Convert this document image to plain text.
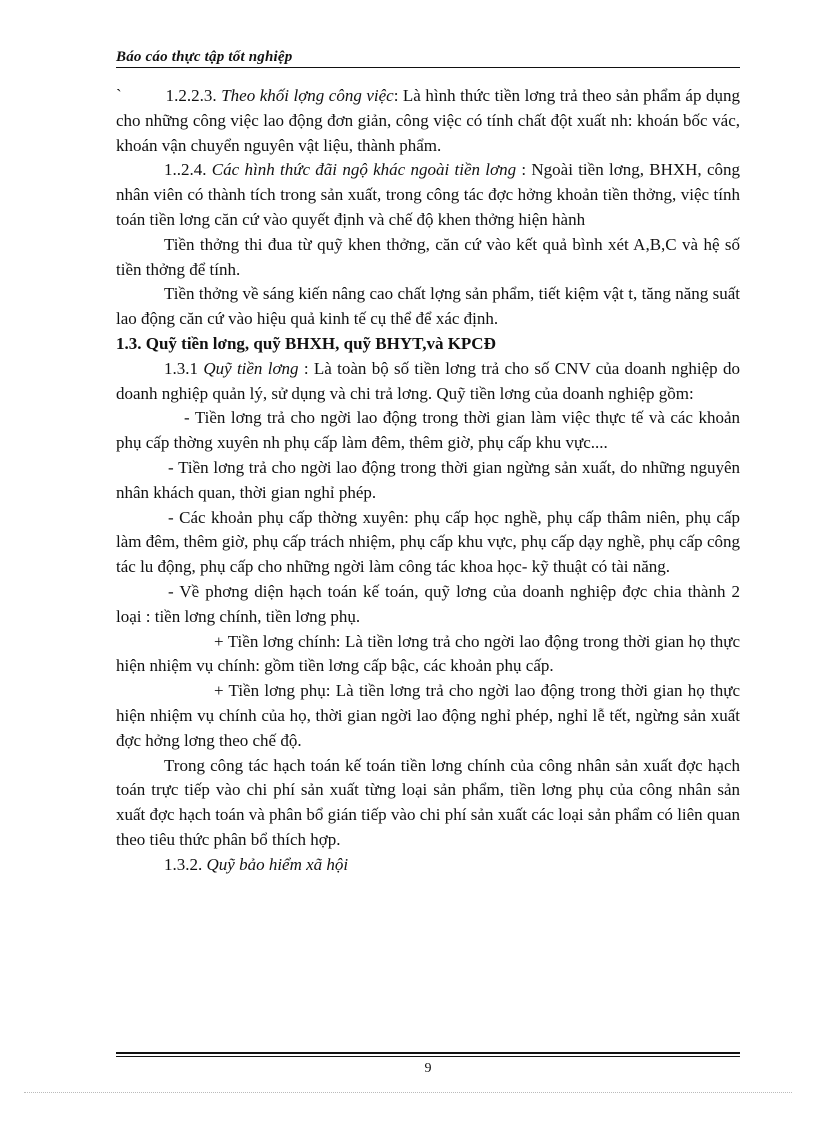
Báo cáo thực tập tốt nghiệp

`	1.2.2.3. Theo khối lợng công việc: Là hình thức tiền lơng trả theo sản phẩm áp dụng cho những công việc lao động đơn giản, công việc có tính chất đột xuất nh: khoán bốc vác, khoán vận chuyển nguyên vật liệu, thành phẩm.

1..2.4. Các hình thức đãi ngộ khác ngoài tiền lơng : Ngoài tiền lơng, BHXH, công nhân viên có thành tích trong sản xuất, trong công tác đợc hởng khoản tiền thởng, việc tính toán tiền lơng căn cứ vào quyết định và chế độ khen thởng hiện hành

Tiền thởng thi đua từ quỹ khen thởng, căn cứ vào kết quả bình xét A,B,C và hệ số tiền thởng để tính.

Tiền thởng về sáng kiến nâng cao chất lợng sản phẩm, tiết kiệm vật t, tăng năng suất lao động căn cứ vào hiệu quả kinh tế cụ thể để xác định.

1.3. Quỹ tiền lơng, quỹ BHXH, quỹ BHYT,và KPCĐ

1.3.1 Quỹ tiền lơng : Là toàn bộ số tiền lơng trả cho số CNV của doanh nghiệp do doanh nghiệp quản lý, sử dụng và chi trả lơng. Quỹ tiền lơng của doanh nghiệp gồm:

- Tiền lơng trả cho ngời lao động trong thời gian làm việc thực tế và các khoản phụ cấp thờng xuyên nh phụ cấp làm đêm, thêm giờ, phụ cấp khu vực....

- Tiền lơng trả cho ngời lao động trong thời gian ngừng sản xuất, do những nguyên nhân khách quan, thời gian nghỉ phép.

- Các khoản phụ cấp thờng xuyên: phụ cấp học nghề, phụ cấp thâm niên, phụ cấp làm đêm, thêm giờ, phụ cấp trách nhiệm, phụ cấp khu vực, phụ cấp dạy nghề, phụ cấp công tác lu động, phụ cấp cho những ngời làm công tác khoa học- kỹ thuật có tài năng.

- Về phơng diện hạch toán kế toán, quỹ lơng của doanh nghiệp đợc chia thành 2 loại : tiền lơng chính, tiền lơng phụ.

+ Tiền lơng chính: Là tiền lơng trả cho ngời lao động trong thời gian họ thực hiện nhiệm vụ chính: gồm tiền lơng cấp bậc, các khoản phụ cấp.

+ Tiền lơng phụ: Là tiền lơng trả cho ngời lao động trong thời gian họ thực hiện nhiệm vụ chính của họ, thời gian ngời lao động nghỉ phép, nghỉ lễ tết, ngừng sản xuất đợc hởng lơng theo chế độ.

Trong công tác hạch toán kế toán tiền lơng chính của công nhân sản xuất đợc hạch toán trực tiếp vào chi phí sản xuất từng loại sản phẩm, tiền lơng phụ của công nhân sản xuất đợc hạch toán và phân bổ gián tiếp vào chi phí sản xuất các loại sản phẩm có liên quan theo tiêu thức phân bổ thích hợp.

1.3.2. Quỹ bảo hiểm xã hội

9
